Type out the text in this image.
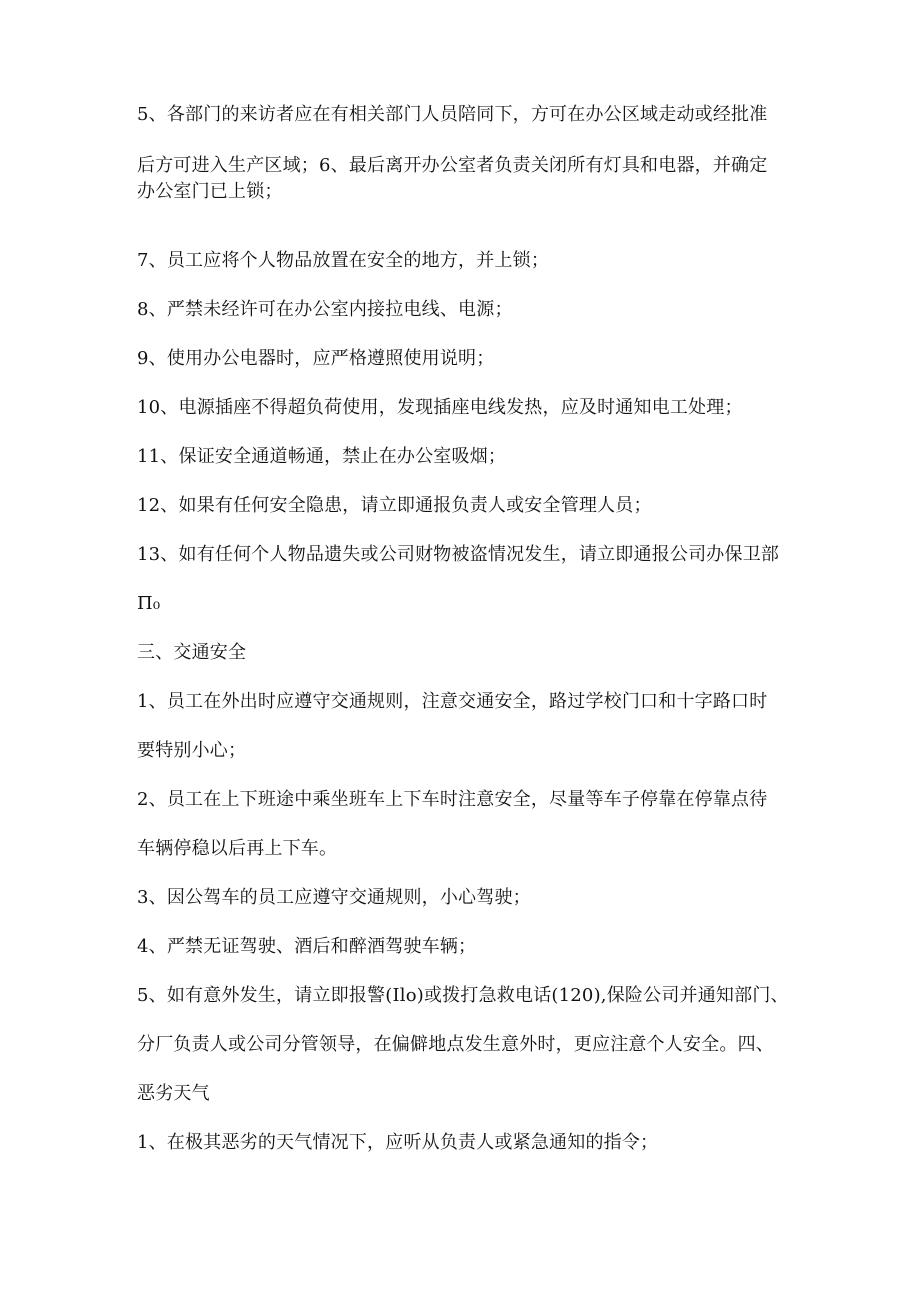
5、各部门的来访者应在有相关部门人员陪同下，方可在办公区域走动或经批准
后方可进入生产区域；6、最后离开办公室者负责关闭所有灯具和电器，并确定
办公室门已上锁；
7、员工应将个人物品放置在安全的地方，并上锁；
8、严禁未经许可在办公室内接拉电线、电源；
9、使用办公电器时，应严格遵照使用说明；
10、电源插座不得超负荷使用，发现插座电线发热，应及时通知电工处理；
11、保证安全通道畅通，禁止在办公室吸烟；
12、如果有任何安全隐患，请立即通报负责人或安全管理人员；
13、如有任何个人物品遗失或公司财物被盗情况发生，请立即通报公司办保卫部
Π₀
三、交通安全
1、员工在外出时应遵守交通规则，注意交通安全，路过学校门口和十字路口时
要特别小心；
2、员工在上下班途中乘坐班车上下车时注意安全，尽量等车子停靠在停靠点待
车辆停稳以后再上下车。
3、因公驾车的员工应遵守交通规则，小心驾驶；
4、严禁无证驾驶、酒后和醉酒驾驶车辆；
5、如有意外发生，请立即报警(Ilo)或拨打急救电话(120),保险公司并通知部门、
分厂负责人或公司分管领导，在偏僻地点发生意外时，更应注意个人安全。四、
恶劣天气
1、在极其恶劣的天气情况下，应听从负责人或紧急通知的指令；
